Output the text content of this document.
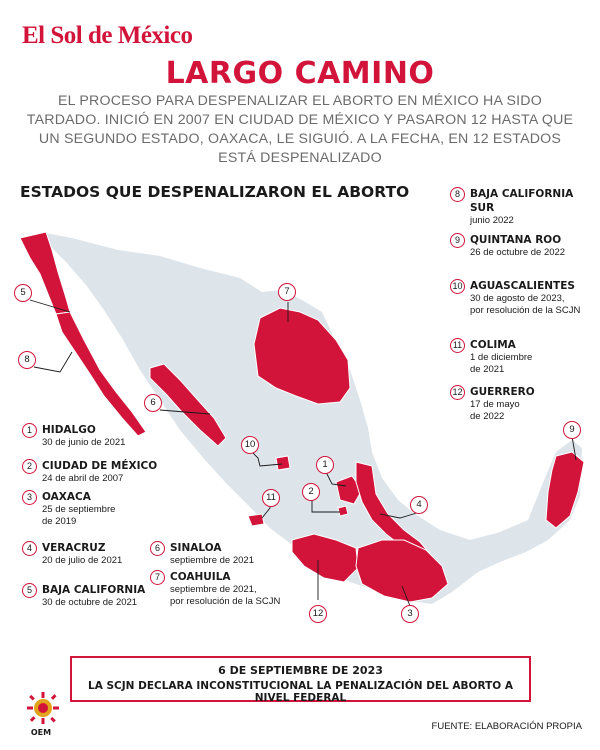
El Sol de México
LARGO CAMINO
EL PROCESO PARA DESPENALIZAR EL ABORTO EN MÉXICO HA SIDO TARDADO. INICIÓ EN 2007 EN CIUDAD DE MÉXICO Y PASARON 12 HASTA QUE UN SEGUNDO ESTADO, OAXACA, LE SIGUIÓ. A LA FECHA, EN 12 ESTADOS ESTÁ DESPENALIZADO
ESTADOS QUE DESPENALIZARON EL ABORTO
5
8
6
7
10
11
1
2
4
12	3
9
1 HIDALGO
30 de junio de 2021
2 CIUDAD DE MÉXICO
24 de abril de 2007
3 OAXACA
25 de septiembre
de 2019
4 VERACRUZ
20 de julio de 2021
5 BAJA CALIFORNIA
30 de octubre de 2021
6 SINALOA
septiembre de 2021
7 COAHUILA
septiembre de 2021,
por resolución de la SCJN
8 BAJA CALIFORNIA SUR
junio 2022
9 QUINTANA ROO
26 de octubre de 2022
10 AGUASCALIENTES
30 de agosto de 2023,
por resolución de la SCJN
11 COLIMA
1 de diciembre
de 2021
12 GUERRERO
17 de mayo
de 2022
6 DE SEPTIEMBRE DE 2023
LA SCJN DECLARA INCONSTITUCIONAL LA PENALIZACIÓN DEL ABORTO A NIVEL FEDERAL
OEM
FUENTE: ELABORACIÓN PROPIA
